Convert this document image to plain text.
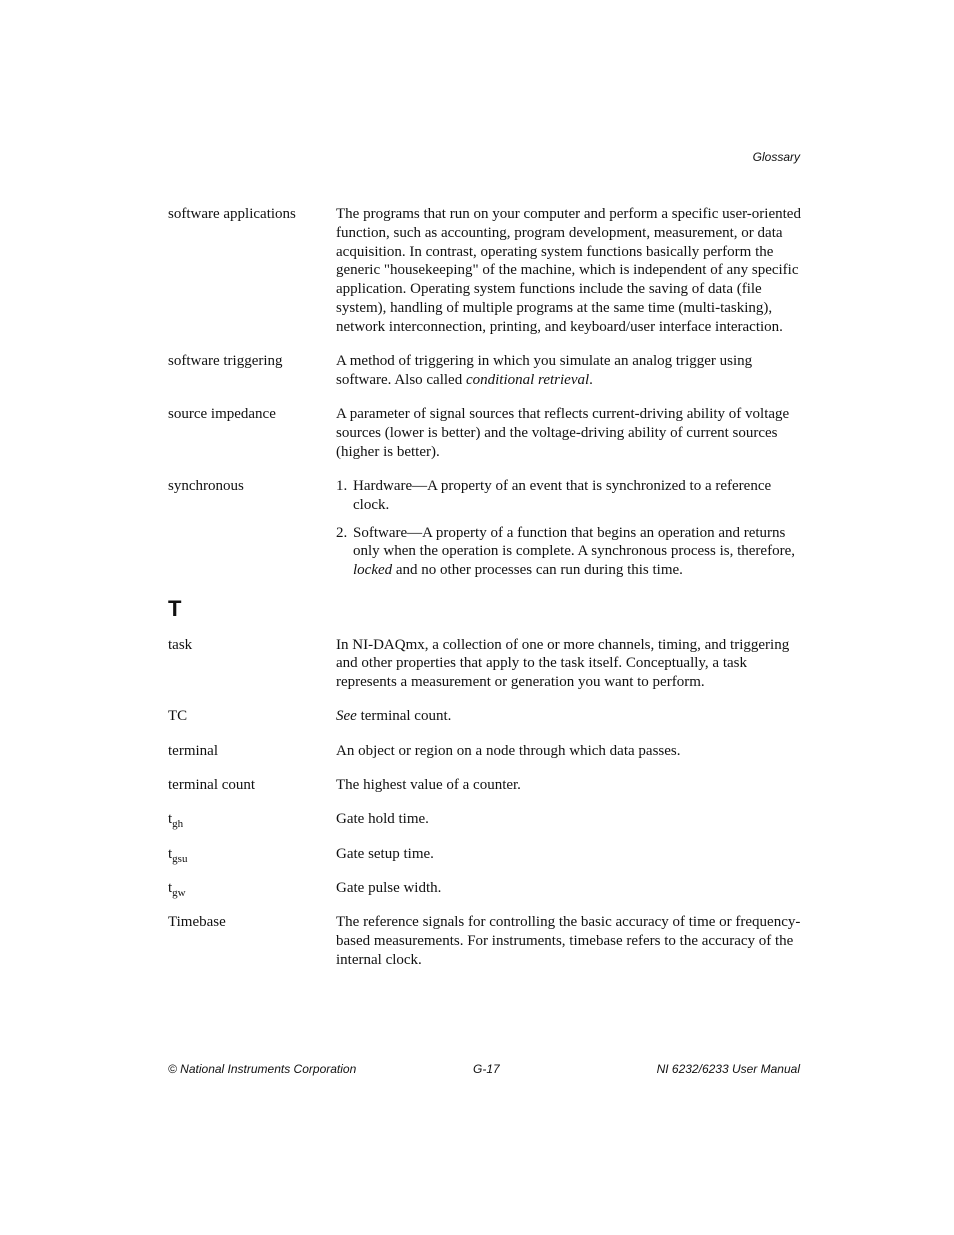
Glossary
software applications	The programs that run on your computer and perform a specific user-oriented function, such as accounting, program development, measurement, or data acquisition. In contrast, operating system functions basically perform the generic "housekeeping" of the machine, which is independent of any specific application. Operating system functions include the saving of data (file system), handling of multiple programs at the same time (multi-tasking), network interconnection, printing, and keyboard/user interface interaction.

software triggering	A method of triggering in which you simulate an analog trigger using software. Also called conditional retrieval.

source impedance	A parameter of signal sources that reflects current-driving ability of voltage sources (lower is better) and the voltage-driving ability of current sources (higher is better).

synchronous	1. Hardware—A property of an event that is synchronized to a reference clock.
2. Software—A property of a function that begins an operation and returns only when the operation is complete. A synchronous process is, therefore, locked and no other processes can run during this time.
T
task	In NI-DAQmx, a collection of one or more channels, timing, and triggering and other properties that apply to the task itself. Conceptually, a task represents a measurement or generation you want to perform.

TC	See terminal count.

terminal	An object or region on a node through which data passes.

terminal count	The highest value of a counter.

$t_{gh}$	Gate hold time.

$t_{gsu}$	Gate setup time.

$t_{gw}$	Gate pulse width.

Timebase	The reference signals for controlling the basic accuracy of time or frequency-based measurements. For instruments, timebase refers to the accuracy of the internal clock.

© National Instruments Corporation	G-17	NI 6232/6233 User Manual
